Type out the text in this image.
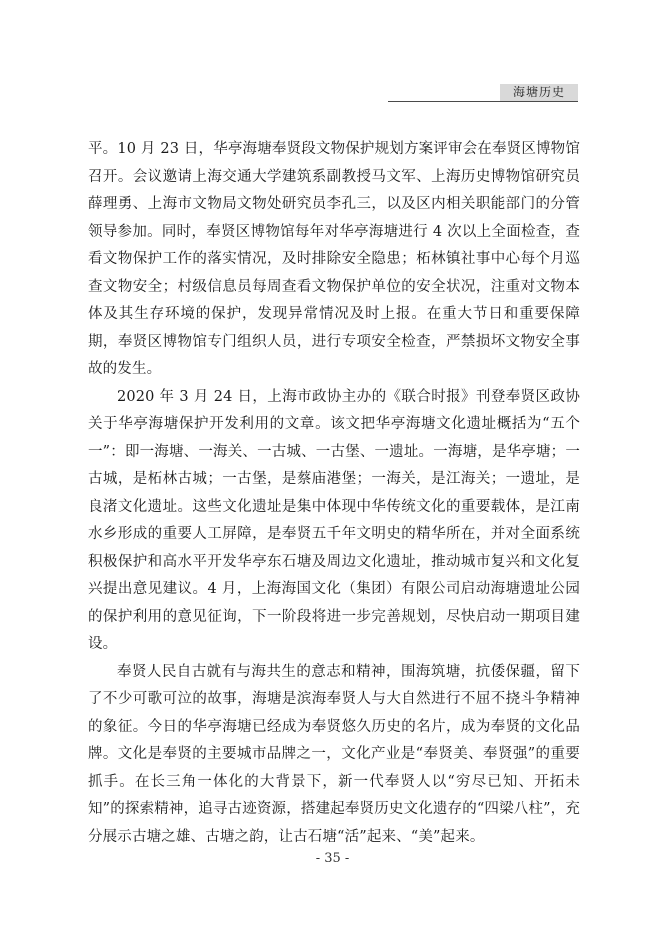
海塘历史

平。10 月 23 日，华亭海塘奉贤段文物保护规划方案评审会在奉贤区博物馆召开。会议邀请上海交通大学建筑系副教授马文军、上海历史博物馆研究员薛理勇、上海市文物局文物处研究员李孔三，以及区内相关职能部门的分管领导参加。同时，奉贤区博物馆每年对华亭海塘进行 4 次以上全面检查，查看文物保护工作的落实情况，及时排除安全隐患；柘林镇社事中心每个月巡查文物安全；村级信息员每周查看文物保护单位的安全状况，注重对文物本体及其生存环境的保护，发现异常情况及时上报。在重大节日和重要保障期，奉贤区博物馆专门组织人员，进行专项安全检查，严禁损坏文物安全事故的发生。

2020 年 3 月 24 日，上海市政协主办的《联合时报》刊登奉贤区政协关于华亭海塘保护开发利用的文章。该文把华亭海塘文化遗址概括为“五个一”：即一海塘、一海关、一古城、一古堡、一遗址。一海塘，是华亭塘；一古城，是柘林古城；一古堡，是蔡庙港堡；一海关，是江海关；一遗址，是良渚文化遗址。这些文化遗址是集中体现中华传统文化的重要载体，是江南水乡形成的重要人工屏障，是奉贤五千年文明史的精华所在，并对全面系统积极保护和高水平开发华亭东石塘及周边文化遗址，推动城市复兴和文化复兴提出意见建议。4 月，上海海国文化（集团）有限公司启动海塘遗址公园的保护利用的意见征询，下一阶段将进一步完善规划，尽快启动一期项目建设。

奉贤人民自古就有与海共生的意志和精神，围海筑塘，抗倭保疆，留下了不少可歌可泣的故事，海塘是滨海奉贤人与大自然进行不屈不挠斗争精神的象征。今日的华亭海塘已经成为奉贤悠久历史的名片，成为奉贤的文化品牌。文化是奉贤的主要城市品牌之一，文化产业是“奉贤美、奉贤强”的重要抓手。在长三角一体化的大背景下，新一代奉贤人以“穷尽已知、开拓未知”的探索精神，追寻古迹资源，搭建起奉贤历史文化遗存的“四梁八柱”，充分展示古塘之雄、古塘之韵，让古石塘“活”起来、“美”起来。

- 35 -
